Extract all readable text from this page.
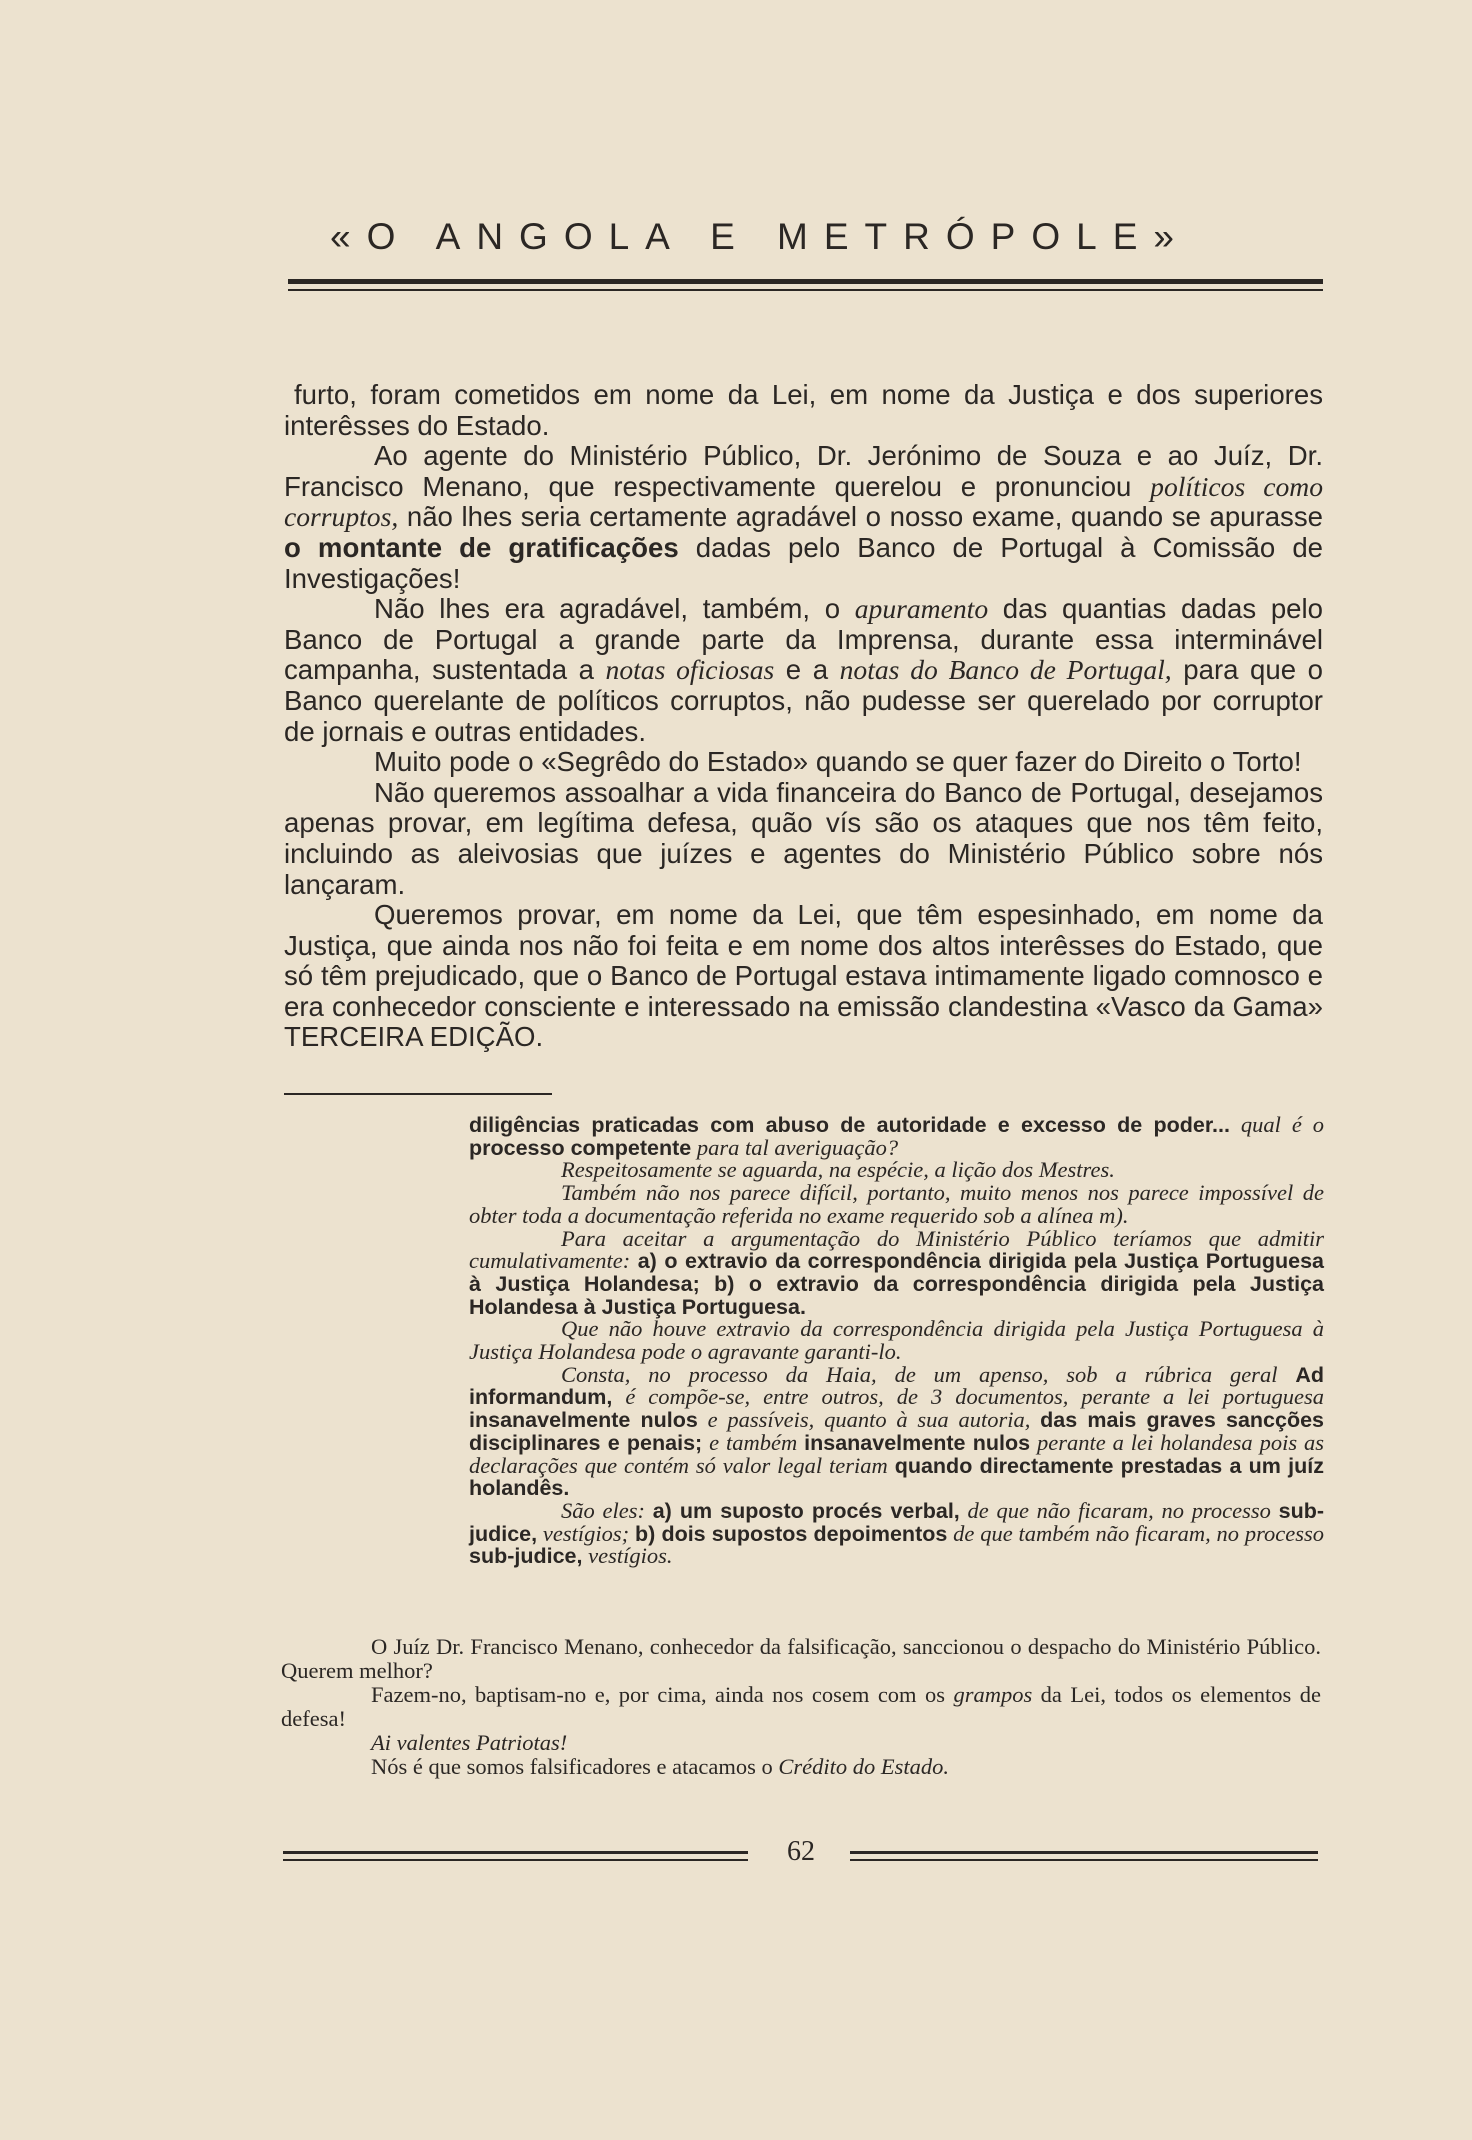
«O ANGOLA E METRÓPOLE»

furto, foram cometidos em nome da Lei, em nome da Justiça e dos superiores interêsses do Estado.

Ao agente do Ministério Público, Dr. Jerónimo de Souza e ao Juíz, Dr. Francisco Menano, que respectivamente querelou e pronunciou políticos como corruptos, não lhes seria certamente agradável o nosso exame, quando se apurasse o montante de gratificações dadas pelo Banco de Portugal à Comissão de Investigações!

Não lhes era agradável, também, o apuramento das quantias dadas pelo Banco de Portugal a grande parte da Imprensa, durante essa interminável campanha, sustentada a notas oficiosas e a notas do Banco de Portugal, para que o Banco querelante de políticos corruptos, não pudesse ser querelado por corruptor de jornais e outras entidades.

Muito pode o «Segrêdo do Estado» quando se quer fazer do Direito o Torto!

Não queremos assoalhar a vida financeira do Banco de Portugal, desejamos apenas provar, em legítima defesa, quão vís são os ataques que nos têm feito, incluindo as aleivosias que juízes e agentes do Ministério Público sobre nós lançaram.

Queremos provar, em nome da Lei, que têm espesinhado, em nome da Justiça, que ainda nos não foi feita e em nome dos altos interêsses do Estado, que só têm prejudicado, que o Banco de Portugal estava intimamente ligado comnosco e era conhecedor consciente e interessado na emissão clandestina «Vasco da Gama» TERCEIRA EDIÇÃO.

diligências praticadas com abuso de autoridade e excesso de poder... qual é o processo competente para tal averiguação?

Respeitosamente se aguarda, na espécie, a lição dos Mestres.

Também não nos parece difícil, portanto, muito menos nos parece impossível de obter toda a documentação referida no exame requerido sob a alínea m).

Para aceitar a argumentação do Ministério Público teríamos que admitir cumulativamente: a) o extravio da correspondência dirigida pela Justiça Portuguesa à Justiça Holandesa; b) o extravio da correspondência dirigida pela Justiça Holandesa à Justiça Portuguesa.

Que não houve extravio da correspondência dirigida pela Justiça Portuguesa à Justiça Holandesa pode o agravante garanti-lo.

Consta, no processo da Haia, de um apenso, sob a rúbrica geral Ad informandum, é compõe-se, entre outros, de 3 documentos, perante a lei portuguesa insanavelmente nulos e passíveis, quanto à sua autoria, das mais graves sancções disciplinares e penais; e também insanavelmente nulos perante a lei holandesa pois as declarações que contém só valor legal teriam quando directamente prestadas a um juíz holandês.

São eles: a) um suposto procés verbal, de que não ficaram, no processo sub-judice, vestígios; b) dois supostos depoimentos de que também não ficaram, no processo sub-judice, vestígios.

O Juíz Dr. Francisco Menano, conhecedor da falsificação, sanccionou o despacho do Ministério Público. Querem melhor?

Fazem-no, baptisam-no e, por cima, ainda nos cosem com os grampos da Lei, todos os elementos de defesa!

Ai valentes Patriotas!

Nós é que somos falsificadores e atacamos o Crédito do Estado.

62
